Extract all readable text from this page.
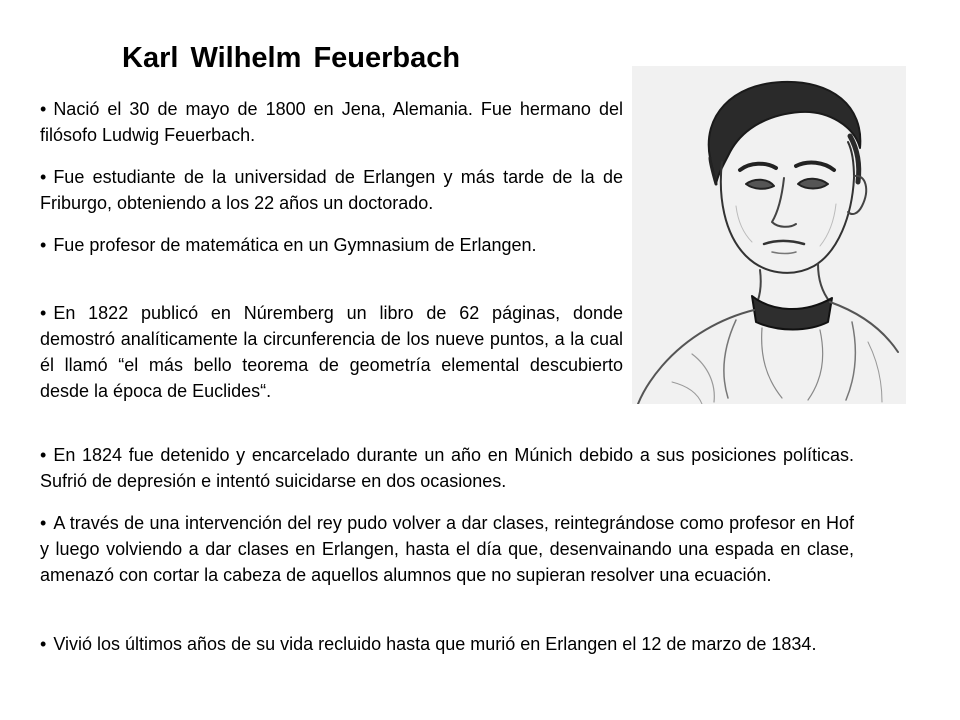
Karl Wilhelm Feuerbach

• Nació el 30 de mayo de 1800 en Jena, Alemania. Fue hermano del filósofo Ludwig Feuerbach.

• Fue estudiante de la universidad de Erlangen y más tarde de la de Friburgo, obteniendo a los 22 años un doctorado.

• Fue profesor de matemática en un Gymnasium de Erlangen.

• En 1822 publicó en Núremberg un libro de 62 páginas, donde demostró analíticamente la circunferencia de los nueve puntos, a la cual él llamó “el más bello teorema de geometría elemental descubierto desde la época de Euclides“.

• En 1824 fue detenido y encarcelado durante un año en Múnich debido a sus posiciones políticas. Sufrió de depresión e intentó suicidarse en dos ocasiones.

• A través de una intervención del rey pudo volver a dar clases, reintegrándose como profesor en Hof y luego volviendo a dar clases en Erlangen, hasta el día que, desenvainando una espada en clase, amenazó con cortar la cabeza de aquellos alumnos que no supieran resolver una ecuación.

• Vivió los últimos años de su vida recluido hasta que murió en Erlangen el 12 de marzo de 1834.
